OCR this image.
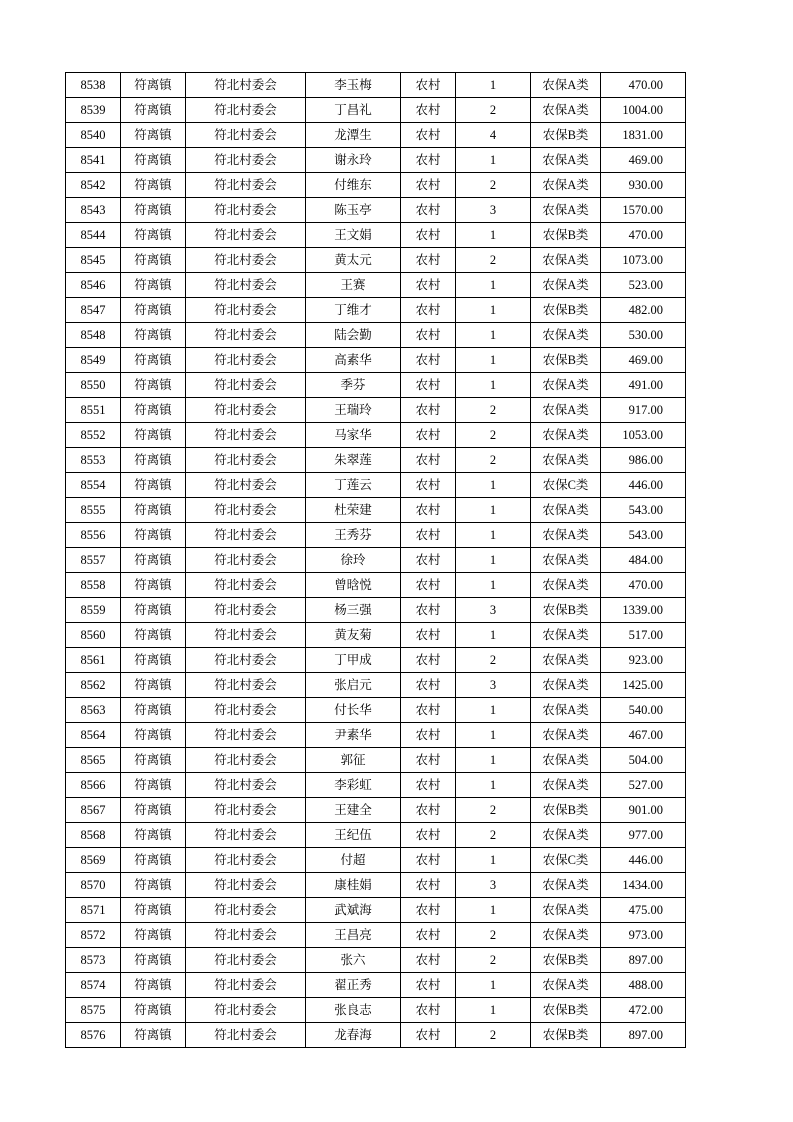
8538	符离镇	符北村委会	李玉梅	农村	1	农保A类	470.00
8539	符离镇	符北村委会	丁昌礼	农村	2	农保A类	1004.00
8540	符离镇	符北村委会	龙潭生	农村	4	农保B类	1831.00
8541	符离镇	符北村委会	谢永玲	农村	1	农保A类	469.00
8542	符离镇	符北村委会	付维东	农村	2	农保A类	930.00
8543	符离镇	符北村委会	陈玉亭	农村	3	农保A类	1570.00
8544	符离镇	符北村委会	王文娟	农村	1	农保B类	470.00
8545	符离镇	符北村委会	黄太元	农村	2	农保A类	1073.00
8546	符离镇	符北村委会	王赛	农村	1	农保A类	523.00
8547	符离镇	符北村委会	丁维才	农村	1	农保B类	482.00
8548	符离镇	符北村委会	陆会勤	农村	1	农保A类	530.00
8549	符离镇	符北村委会	高素华	农村	1	农保B类	469.00
8550	符离镇	符北村委会	季芬	农村	1	农保A类	491.00
8551	符离镇	符北村委会	王瑞玲	农村	2	农保A类	917.00
8552	符离镇	符北村委会	马家华	农村	2	农保A类	1053.00
8553	符离镇	符北村委会	朱翠莲	农村	2	农保A类	986.00
8554	符离镇	符北村委会	丁莲云	农村	1	农保C类	446.00
8555	符离镇	符北村委会	杜荣建	农村	1	农保A类	543.00
8556	符离镇	符北村委会	王秀芬	农村	1	农保A类	543.00
8557	符离镇	符北村委会	徐玲	农村	1	农保A类	484.00
8558	符离镇	符北村委会	曾晗悦	农村	1	农保A类	470.00
8559	符离镇	符北村委会	杨三强	农村	3	农保B类	1339.00
8560	符离镇	符北村委会	黄友菊	农村	1	农保A类	517.00
8561	符离镇	符北村委会	丁甲成	农村	2	农保A类	923.00
8562	符离镇	符北村委会	张启元	农村	3	农保A类	1425.00
8563	符离镇	符北村委会	付长华	农村	1	农保A类	540.00
8564	符离镇	符北村委会	尹素华	农村	1	农保A类	467.00
8565	符离镇	符北村委会	郭征	农村	1	农保A类	504.00
8566	符离镇	符北村委会	李彩虹	农村	1	农保A类	527.00
8567	符离镇	符北村委会	王建全	农村	2	农保B类	901.00
8568	符离镇	符北村委会	王纪伍	农村	2	农保A类	977.00
8569	符离镇	符北村委会	付超	农村	1	农保C类	446.00
8570	符离镇	符北村委会	康桂娟	农村	3	农保A类	1434.00
8571	符离镇	符北村委会	武斌海	农村	1	农保A类	475.00
8572	符离镇	符北村委会	王昌亮	农村	2	农保A类	973.00
8573	符离镇	符北村委会	张六	农村	2	农保B类	897.00
8574	符离镇	符北村委会	翟正秀	农村	1	农保A类	488.00
8575	符离镇	符北村委会	张良志	农村	1	农保B类	472.00
8576	符离镇	符北村委会	龙春海	农村	2	农保B类	897.00
